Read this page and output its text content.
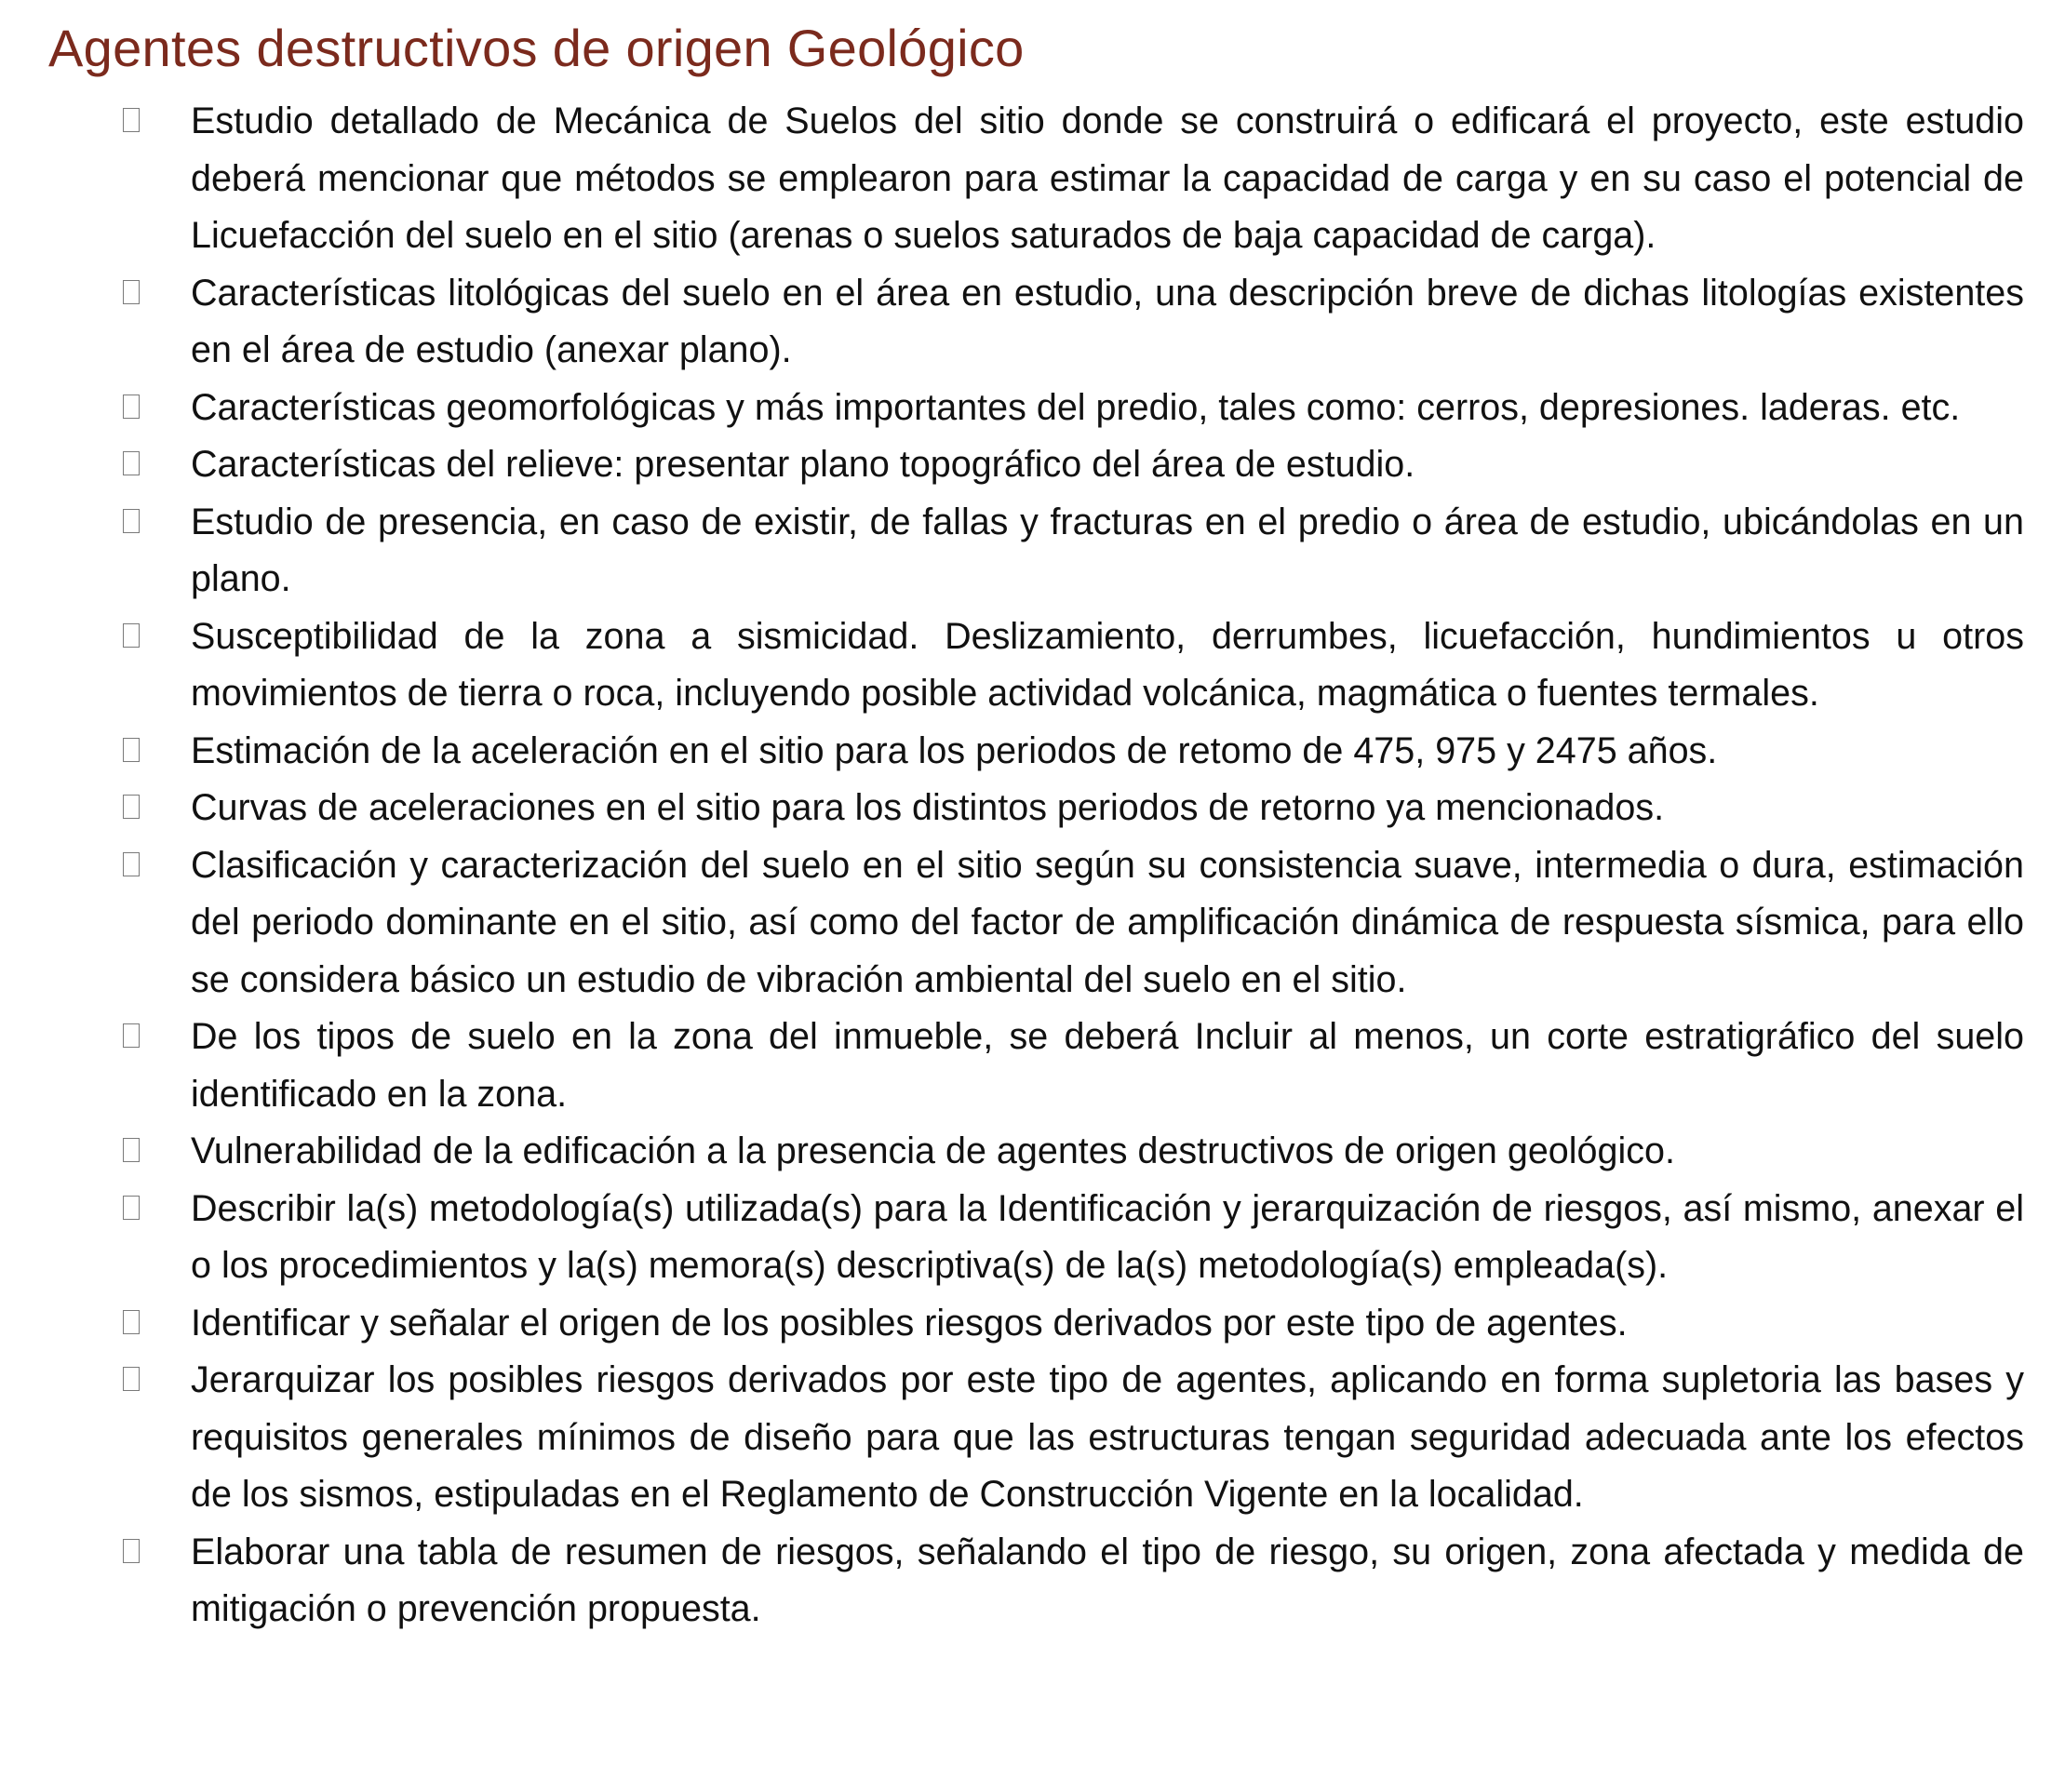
Agentes destructivos de origen Geológico
Estudio detallado de Mecánica de Suelos del sitio donde se construirá o edificará el proyecto, este estudio deberá mencionar que métodos se emplearon para estimar la capacidad de carga y en su caso el potencial de Licuefacción del suelo en el sitio (arenas o suelos saturados de baja capacidad de carga).
Características litológicas del suelo en el área en estudio, una descripción breve de dichas litologías existentes en el área de estudio (anexar plano).
Características geomorfológicas y más importantes del predio, tales como: cerros, depresiones. laderas. etc.
Características del relieve: presentar plano topográfico del área de estudio.
Estudio de presencia, en caso de existir, de fallas y fracturas en el predio o área de estudio, ubicándolas en un plano.
Susceptibilidad de la zona a sismicidad. Deslizamiento, derrumbes, licuefacción, hundimientos u otros movimientos de tierra o roca, incluyendo posible actividad volcánica, magmática o fuentes termales.
Estimación de la aceleración en el sitio para los periodos de retomo de 475, 975 y 2475 años.
Curvas de aceleraciones en el sitio para los distintos periodos de retorno ya mencionados.
Clasificación y caracterización del suelo en el sitio según su consistencia suave, intermedia o dura, estimación del periodo dominante en el sitio, así como del factor de amplificación dinámica de respuesta sísmica, para ello se considera básico un estudio de vibración ambiental del suelo en el sitio.
De los tipos de suelo en la zona del inmueble, se deberá Incluir al menos, un corte estratigráfico del suelo identificado en la zona.
Vulnerabilidad de la edificación a la presencia de agentes destructivos de origen geológico.
Describir la(s) metodología(s) utilizada(s) para la Identificación y jerarquización de riesgos, así mismo, anexar el o los procedimientos y la(s) memora(s) descriptiva(s) de la(s) metodología(s) empleada(s).
Identificar y señalar el origen de los posibles riesgos derivados por este tipo de agentes.
Jerarquizar los posibles riesgos derivados por este tipo de agentes, aplicando en forma supletoria las bases y requisitos generales mínimos de diseño para que las estructuras tengan seguridad adecuada ante los efectos de los sismos, estipuladas en el Reglamento de Construcción Vigente en la localidad.
Elaborar una tabla de resumen de riesgos, señalando el tipo de riesgo, su origen, zona afectada y medida de mitigación o prevención propuesta.
